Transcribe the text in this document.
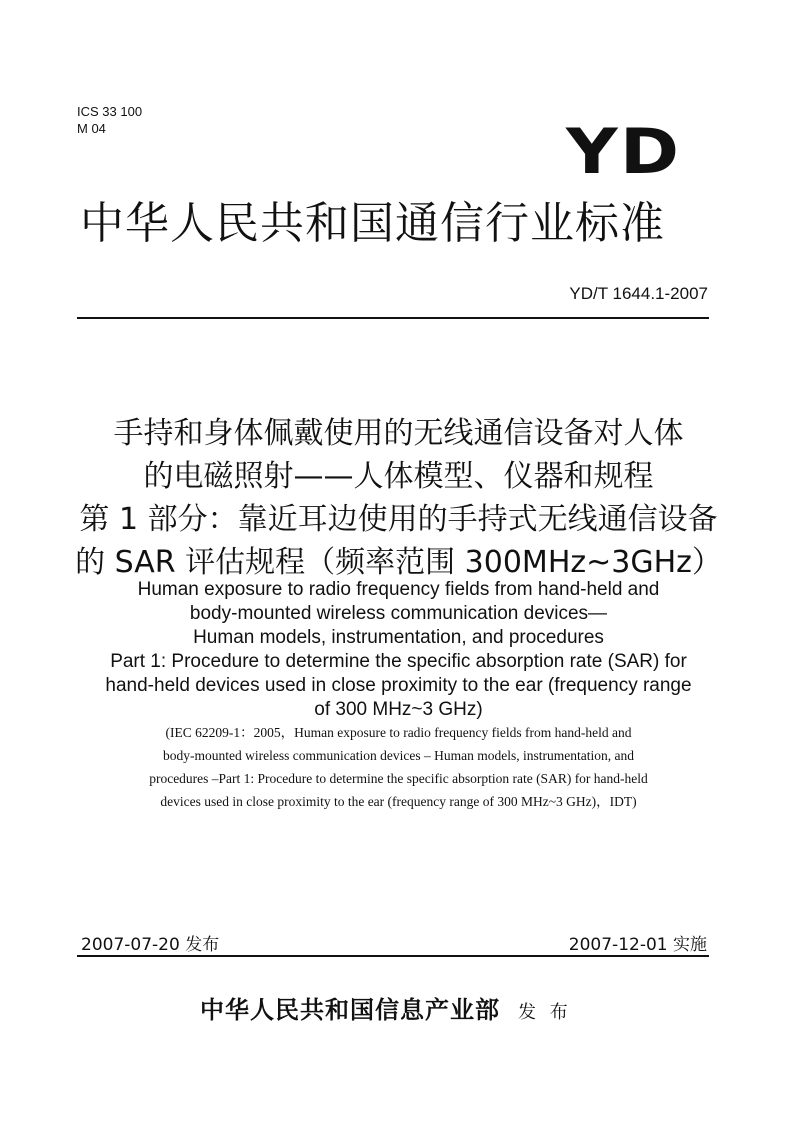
ICS 33 100
M 04	YD
中华人民共和国通信行业标准
YD/T 1644.1-2007
手持和身体佩戴使用的无线通信设备对人体
的电磁照射——人体模型、仪器和规程
第 1 部分：靠近耳边使用的手持式无线通信设备
的 SAR 评估规程（频率范围 300MHz~3GHz）
Human exposure to radio frequency fields from hand-held and
body-mounted wireless communication devices—
Human models, instrumentation, and procedures
Part 1: Procedure to determine the specific absorption rate (SAR) for
hand-held devices used in close proximity to the ear (frequency range
of 300 MHz~3 GHz)
(IEC 62209-1：2005，Human exposure to radio frequency fields from hand-held and
body-mounted wireless communication devices – Human models, instrumentation, and
procedures –Part 1: Procedure to determine the specific absorption rate (SAR) for hand-held
devices used in close proximity to the ear (frequency range of 300 MHz~3 GHz)，IDT)
2007-07-20 发布	2007-12-01 实施
中华人民共和国信息产业部 发 布
